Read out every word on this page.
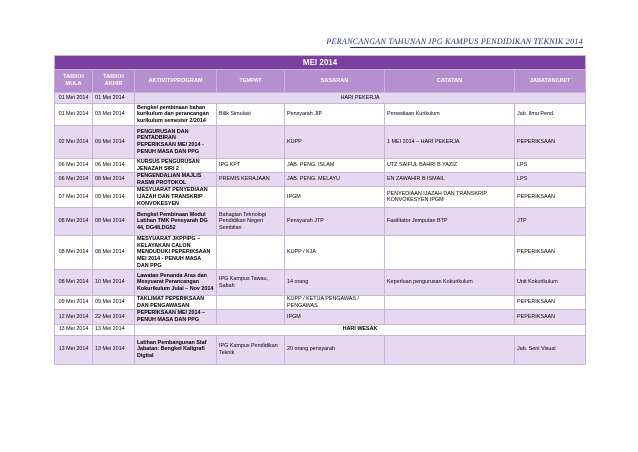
PERANCANGAN TAHUNAN IPG KAMPUS PENDIDIKAN TEKNIK 2014
MEI 2014						
TARIKH MULA	TARIKH AKHIR	AKTIVITI/PROGRAM	TEMPAT	SASARAN	CATATAN	JABATAN/UNIT
01 Mei 2014	01 Mei 2014	HARI PEKERJA				
01 Mei 2014	03 Mei 2014	Bengkel pembinaan bahan kurikulum dan perancangan kurikulum semester 2/2014	Bilik Simulasi	Pensyarah JIP	Persediaan Kurikulum	Jab. Ilmu Pend.
02 Mei 2014	09 Mei 2014	PENGURUSAN DAN PENTADBIRAN PEPERIKSAAN MEI 2014 - PENUH MASA DAN PPG		KUPP	1 MEI 2014 – HARI PEKERJA	PEPERIKSAAN
06 Mei 2014	06 Mei 2014	KURSUS PENGURUSAN JENAZAH SIRI 2	IPG KPT	JAB. PENG. ISLAM	UTZ SAIFUL BAHRI B YAZIZ	LPS
06 Mei 2014	08 Mei 2014	PENGENDALIAN MAJLIS RASMI PROTOKOL	PREMIS KERAJAAN	JAB. PENG. MELAYU	EN ZAWAHIR B ISMAIL	LPS
07 Mei 2014	09 Mei 2014	MESYUARAT PENYEDIAAN IJAZAH DAN TRANSKRIP KONVOKESYEN		IPGM	PENYEDIAAN IJAZAH DAN TRANSKRIP KONVOKESYEN IPGM	PEPERIKSAAN
08 Mei 2014	08 Mei 2014	Bengkel Pembinaan Modul Latihan TMK Pensyarah DG 44, DG48,DG52	Bahagian Teknologi Pendidikan Negeri Sembilan	Pensyarah JTP	Fasilitator Jemputan BTP	JTP
08 Mei 2014	08 Mei 2014	MESYUARAT JKPPIPG – KELAYAKAN CALON MENDUDUKI PEPERIKSAAN MEI 2014 - PENUH MASA DAN PPG		KUPP / KJA		PEPERIKSAAN
08 Mei 2014	10 Mei 2014	Lawatan Penanda Aras dan Mesyuarat Perancangan Kokurikulum Julai – Nov 2014	IPG Kampus Tawau, Sabah	14 orang	Keperluan pengurusan Kokurikulum	Unit Kokurikulum
09 Mei 2014	09 Mei 2014	TAKLIMAT PEPERIKSAAN DAN PENGAWASAN		KUPP / KETUA PENGAWAS / PENGAWAS		PEPERIKSAAN
12 Mei 2014	22 Mei 2014	PEPERIKSAAN MEI 2014 – PENUH MASA DAN PPG		IPGM		PEPERIKSAAN
13 Mei 2014	13 Mei 2014	HARI WESAK				
13 Mei 2014	13 Mei 2014	Latihan Pembangunan Staf Jabatan: Bengkel Kaligrafi Digital	IPG Kampus Pendidikan Teknik	20 orang pensyarah		Jab. Seni Visual
